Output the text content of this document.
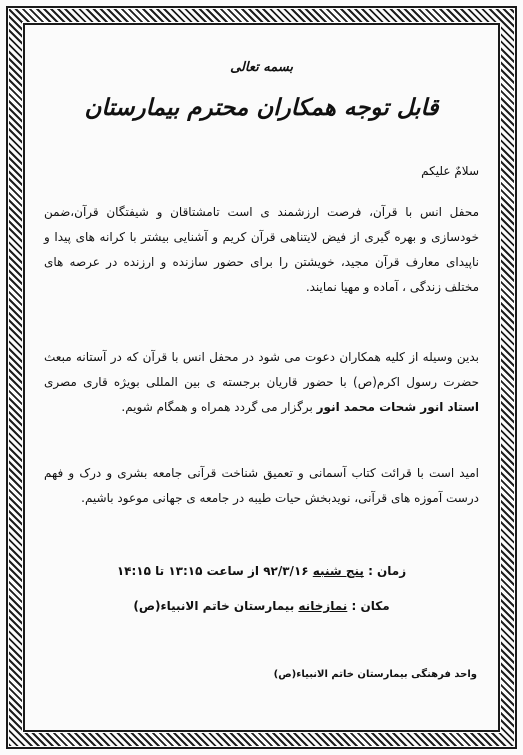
بسمه تعالی
قابل توجه همکاران محترم بیمارستان
سلامٌ علیکم
محفل انس با قرآن، فرصت ارزشمند ی است تامشتاقان و شیفتگان قرآن،ضمن خودسازی و بهره گیری از فیض لایتناهی قرآن کریم و آشنایی بیشتر با کرانه های پیدا و ناپیدای معارف قرآن مجید، خویشتن را برای حضور سازنده و ارزنده در عرصه های مختلف زندگی ، آماده و مهیا نمایند.
بدین وسیله از کلیه همکاران دعوت می شود در محفل انس با قرآن که در آستانه مبعث حضرت رسول اکرم(ص) با حضور قاریان برجسته ی بین المللی بویژه قاری مصری استاد انور شحات محمد انور برگزار می گردد همراه و همگام شویم.
امید است با قرائت کتاب آسمانی و تعمیق شناخت قرآنی جامعه بشری و درک و فهم درست آموزه های قرآنی، نویدبخش حیات طیبه در جامعه ی جهانی موعود باشیم.
زمان : پنج شنبه ۹۲/۳/۱۶ از ساعت ۱۳:۱۵ تا ۱۴:۱۵
مکان : نمازخانه بیمارستان خاتم الانبیاء(ص)
واحد فرهنگی بیمارستان خاتم الانبیاء(ص)
